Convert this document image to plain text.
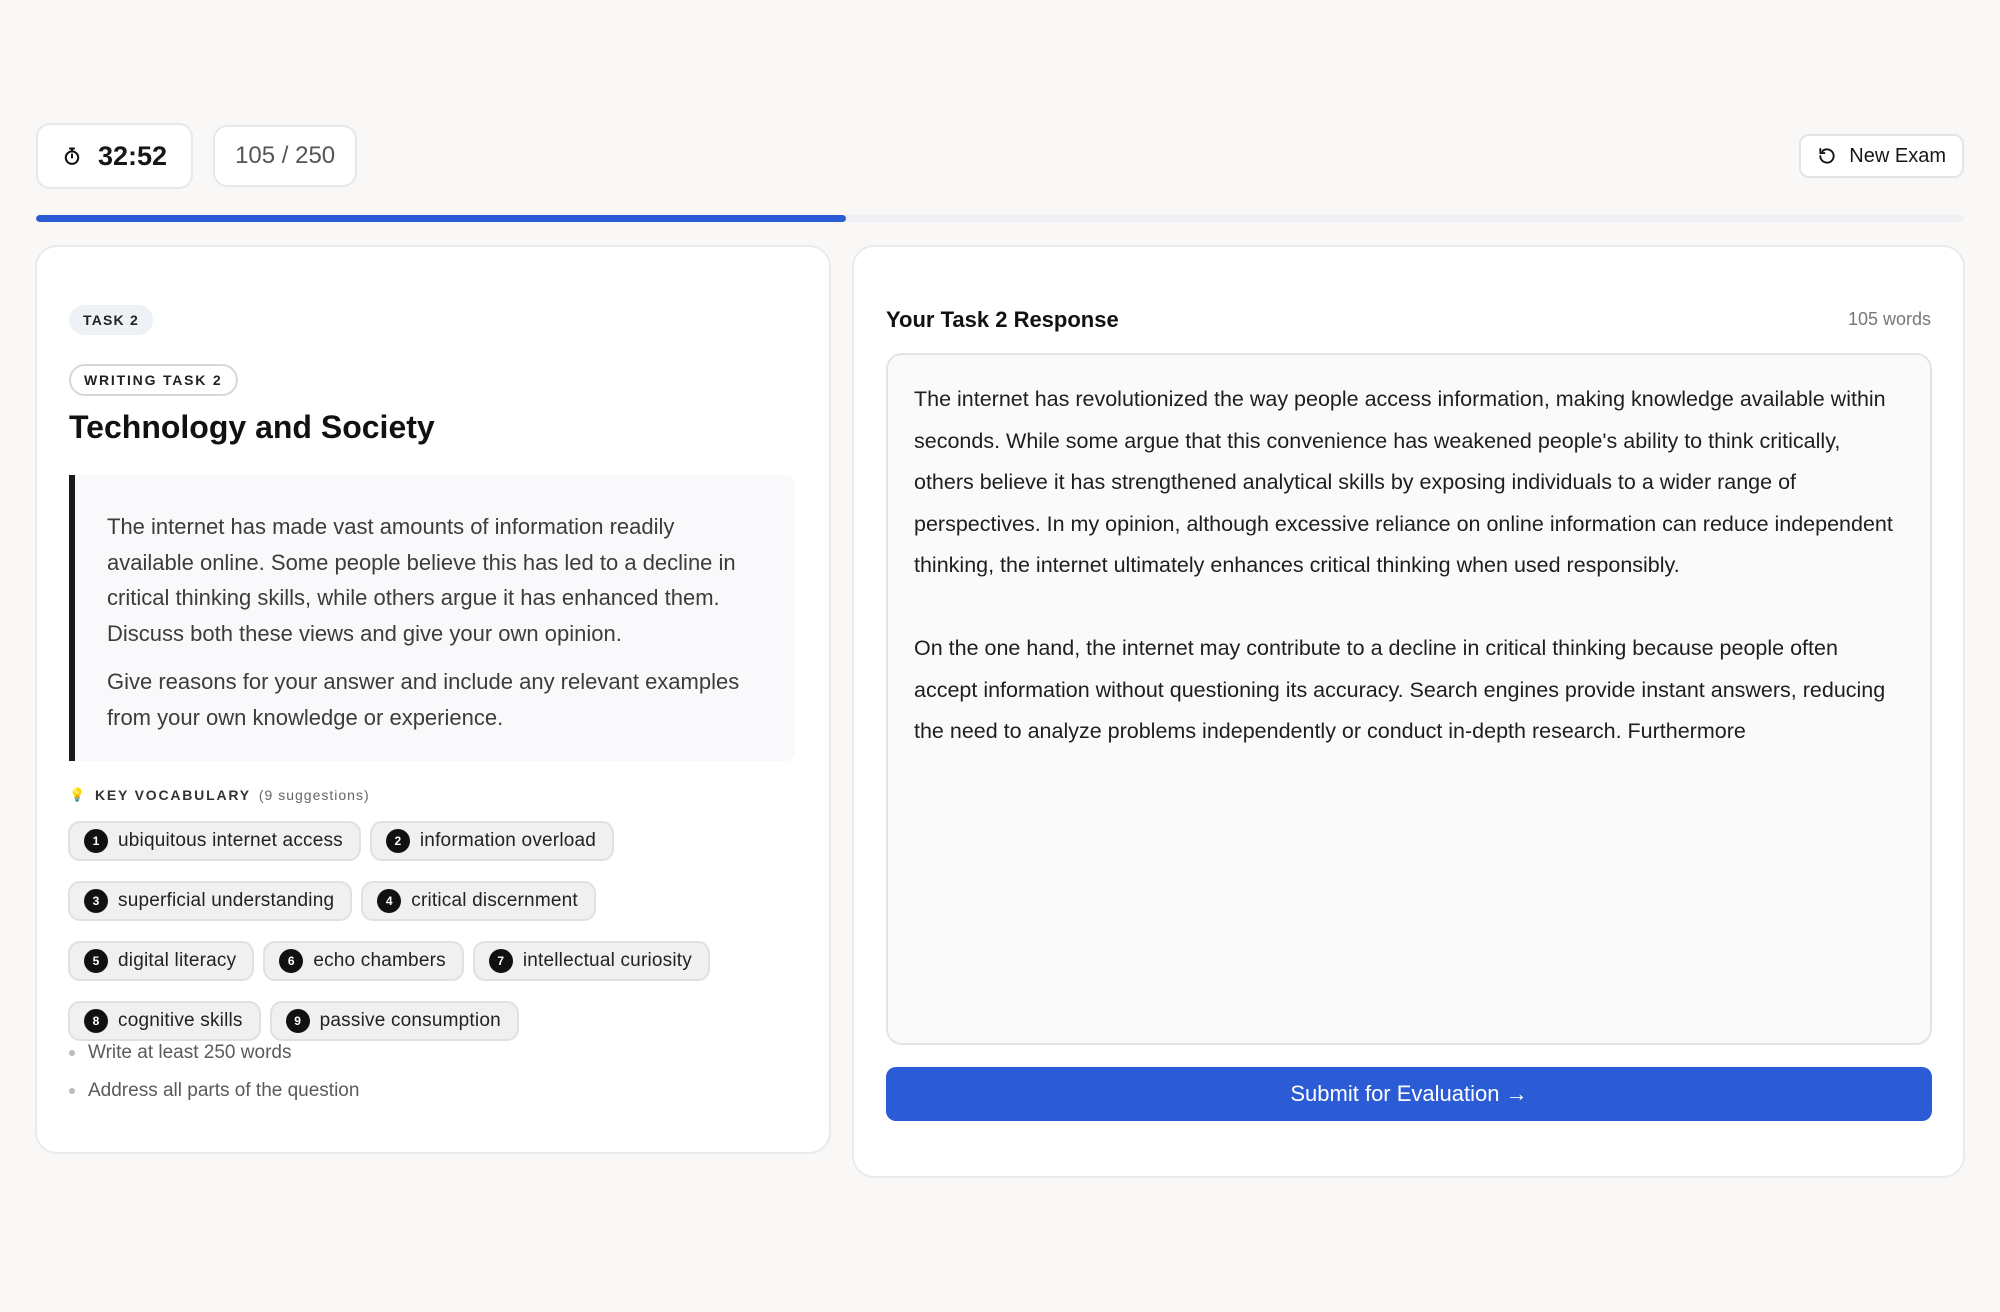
32:52	105 / 250	New Exam
TASK 2
WRITING TASK 2
Technology and Society

The internet has made vast amounts of information readily available online. Some people believe this has led to a decline in critical thinking skills, while others argue it has enhanced them. Discuss both these views and give your own opinion.

Give reasons for your answer and include any relevant examples from your own knowledge or experience.

💡 KEY VOCABULARY (9 suggestions)
1 ubiquitous internet access	2 information overload
3 superficial understanding	4 critical discernment
5 digital literacy	6 echo chambers	7 intellectual curiosity
8 cognitive skills	9 passive consumption
Write at least 250 words
Address all parts of the question
Your Task 2 Response	105 words
The internet has revolutionized the way people access information, making knowledge available within seconds. While some argue that this convenience has weakened people's ability to think critically, others believe it has strengthened analytical skills by exposing individuals to a wider range of perspectives. In my opinion, although excessive reliance on online information can reduce independent thinking, the internet ultimately enhances critical thinking when used responsibly.

On the one hand, the internet may contribute to a decline in critical thinking because people often accept information without questioning its accuracy. Search engines provide instant answers, reducing the need to analyze problems independently or conduct in-depth research. Furthermore
Submit for Evaluation →
